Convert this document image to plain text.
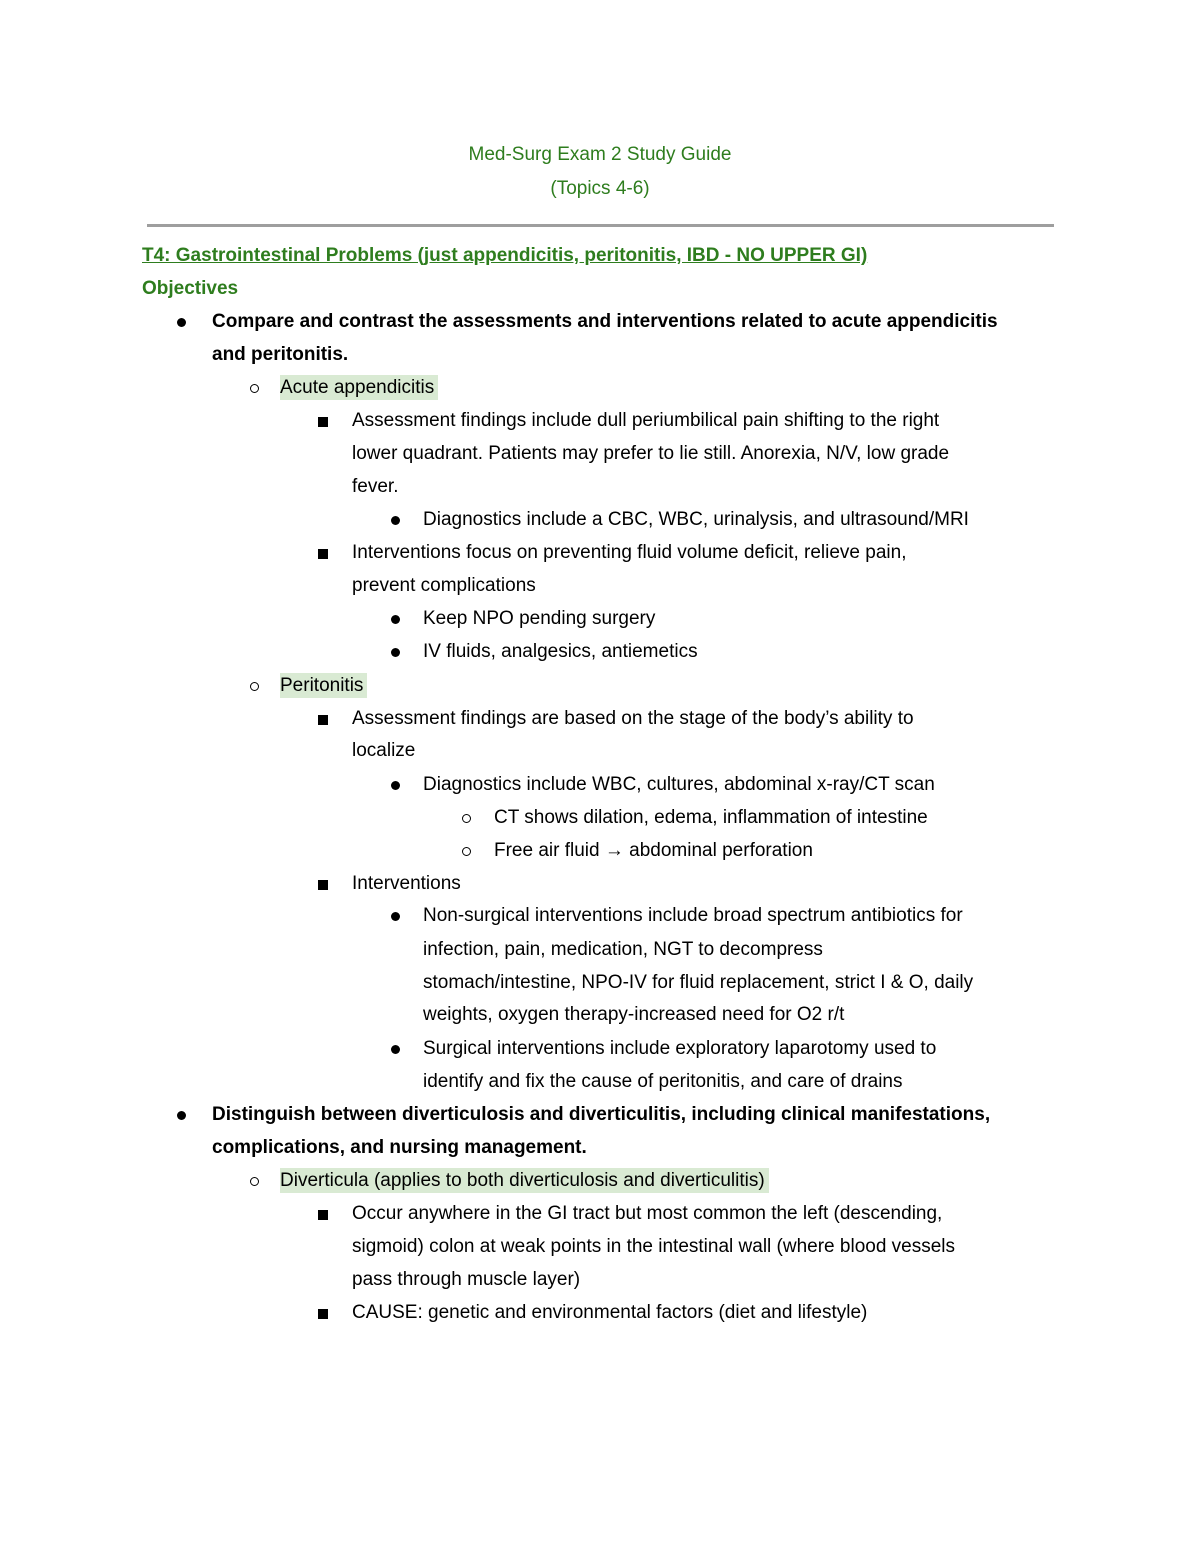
Med-Surg Exam 2 Study Guide
(Topics 4-6)
T4: Gastrointestinal Problems (just appendicitis, peritonitis, IBD - NO UPPER GI)
Objectives
Compare and contrast the assessments and interventions related to acute appendicitis
and peritonitis.
Acute appendicitis
Assessment findings include dull periumbilical pain shifting to the right
lower quadrant. Patients may prefer to lie still. Anorexia, N/V, low grade
fever.
Diagnostics include a CBC, WBC, urinalysis, and ultrasound/MRI
Interventions focus on preventing fluid volume deficit, relieve pain,
prevent complications
Keep NPO pending surgery
IV fluids, analgesics, antiemetics
Peritonitis
Assessment findings are based on the stage of the body’s ability to
localize
Diagnostics include WBC, cultures, abdominal x-ray/CT scan
CT shows dilation, edema, inflammation of intestine
Free air fluid → abdominal perforation
Interventions
Non-surgical interventions include broad spectrum antibiotics for
infection, pain, medication, NGT to decompress
stomach/intestine, NPO-IV for fluid replacement, strict I & O, daily
weights, oxygen therapy-increased need for O2 r/t
Surgical interventions include exploratory laparotomy used to
identify and fix the cause of peritonitis, and care of drains
Distinguish between diverticulosis and diverticulitis, including clinical manifestations,
complications, and nursing management.
Diverticula (applies to both diverticulosis and diverticulitis)
Occur anywhere in the GI tract but most common the left (descending,
sigmoid) colon at weak points in the intestinal wall (where blood vessels
pass through muscle layer)
CAUSE: genetic and environmental factors (diet and lifestyle)
